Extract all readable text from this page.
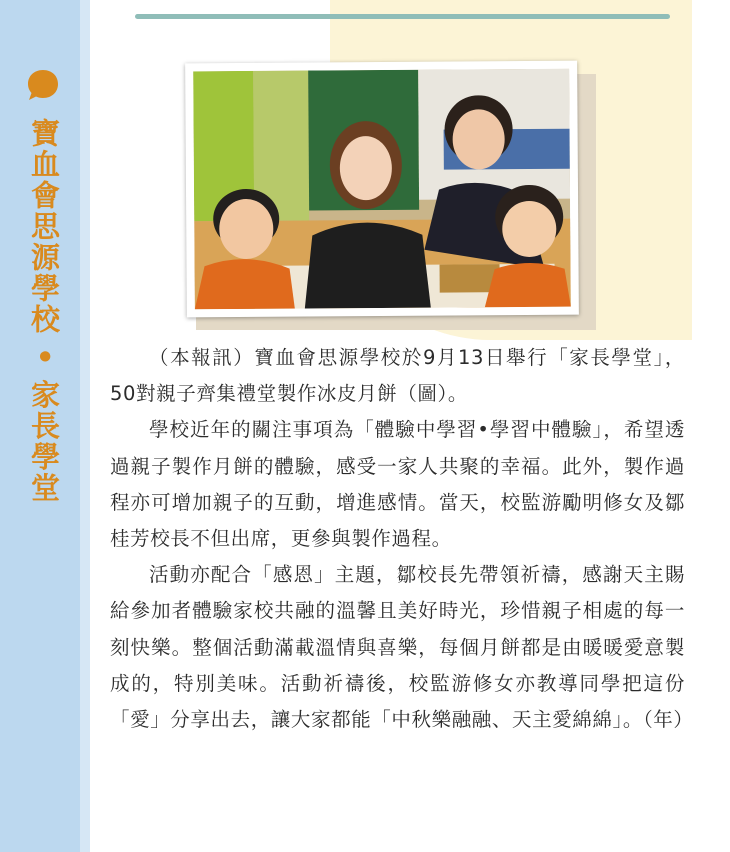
寶血會思源學校 • 家長學堂	（本報訊）寶血會思源學校於9月13日舉行「家長學堂」，50對親子齊集禮堂製作冰皮月餅（圖）。

學校近年的關注事項為「體驗中學習•學習中體驗」，希望透過親子製作月餅的體驗，感受一家人共聚的幸福。此外，製作過程亦可增加親子的互動，增進感情。當天，校監游勵明修女及鄒桂芳校長不但出席，更參與製作過程。

活動亦配合「感恩」主題，鄒校長先帶領祈禱，感謝天主賜給參加者體驗家校共融的溫馨且美好時光，珍惜親子相處的每一刻快樂。整個活動滿載溫情與喜樂，每個月餅都是由暖暖愛意製成的，特別美味。活動祈禱後，校監游修女亦教導同學把這份「愛」分享出去，讓大家都能「中秋樂融融、天主愛綿綿」。（年）
